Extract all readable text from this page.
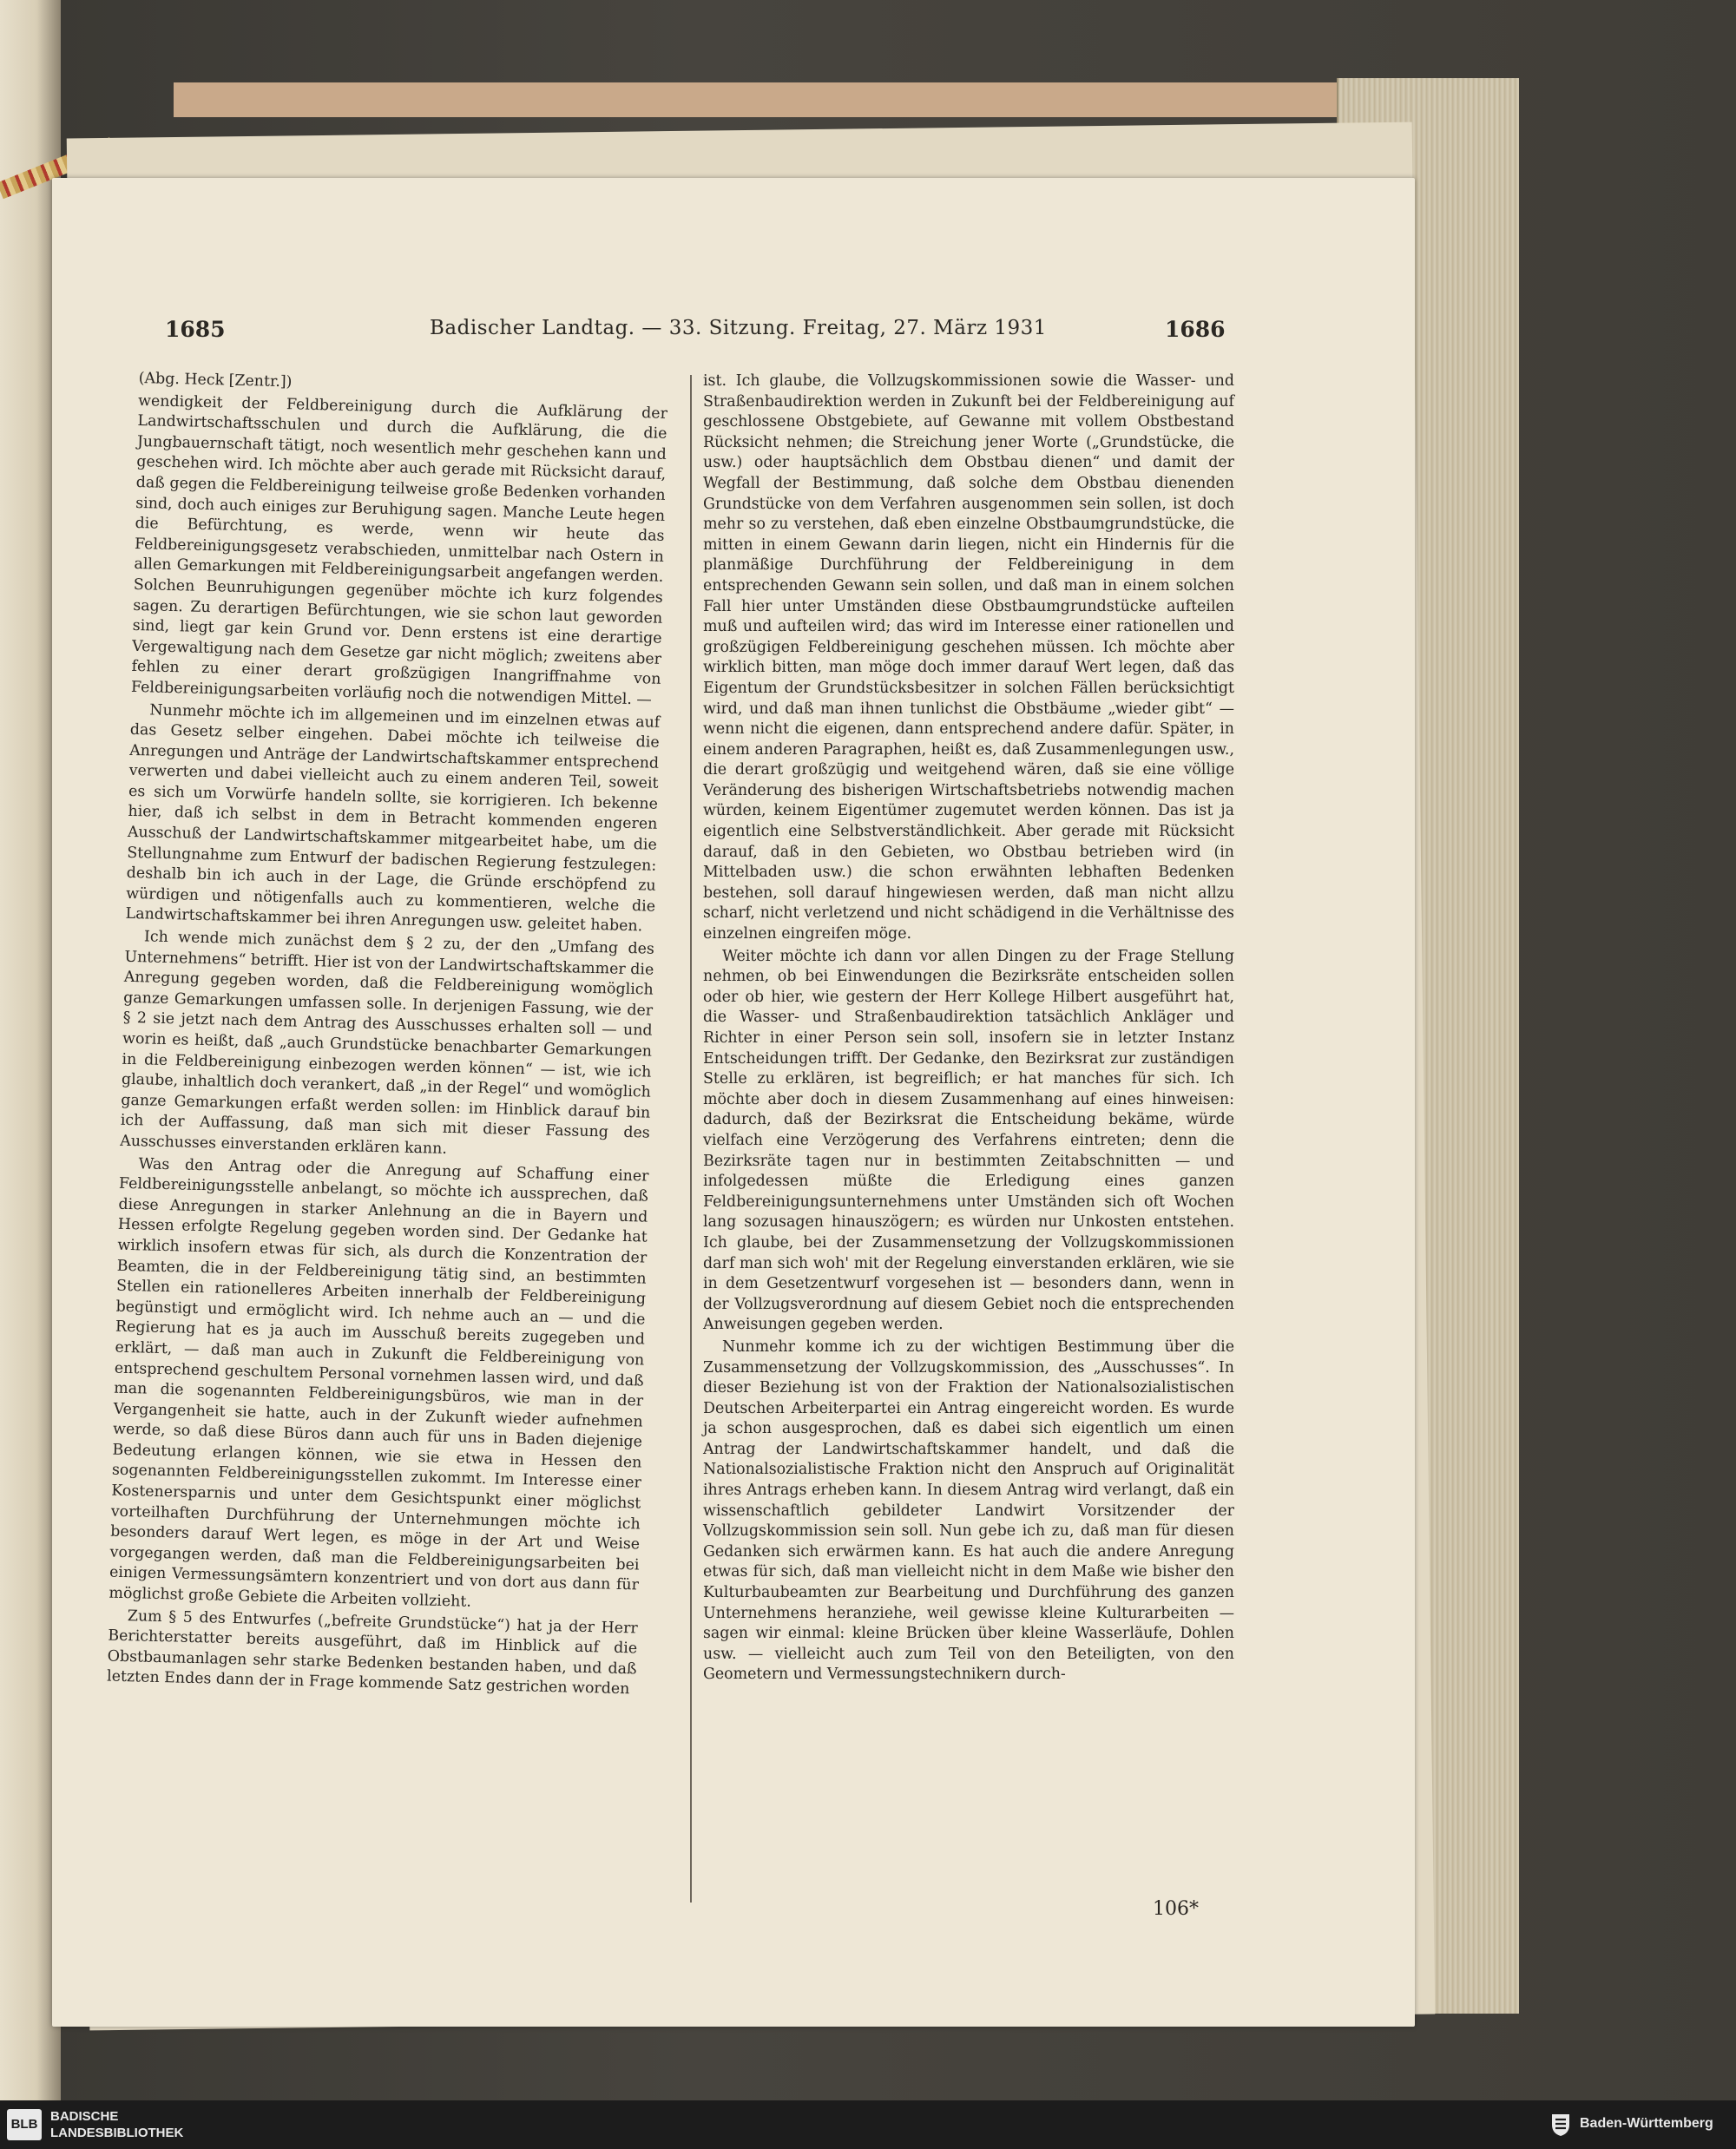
1685	Badischer Landtag. — 33. Sitzung. Freitag, 27. März 1931	1686

(Abg. Heck [Zentr.])

wendigkeit der Feldbereinigung durch die Aufklärung der Landwirtschaftsschulen und durch die Aufklärung, die die Jungbauernschaft tätigt, noch wesentlich mehr geschehen kann und geschehen wird. Ich möchte aber auch gerade mit Rücksicht darauf, daß gegen die Feldbereinigung teilweise große Bedenken vorhanden sind, doch auch einiges zur Beruhigung sagen. Manche Leute hegen die Befürchtung, es werde, wenn wir heute das Feldbereinigungsgesetz verabschieden, unmittelbar nach Ostern in allen Gemarkungen mit Feldbereinigungsarbeit angefangen werden. Solchen Beunruhigungen gegenüber möchte ich kurz folgendes sagen. Zu derartigen Befürchtungen, wie sie schon laut geworden sind, liegt gar kein Grund vor. Denn erstens ist eine derartige Vergewaltigung nach dem Gesetze gar nicht möglich; zweitens aber fehlen zu einer derart großzügigen Inangriffnahme von Feldbereinigungsarbeiten vorläufig noch die notwendigen Mittel. —

Nunmehr möchte ich im allgemeinen und im einzelnen etwas auf das Gesetz selber eingehen. Dabei möchte ich teilweise die Anregungen und Anträge der Landwirtschaftskammer entsprechend verwerten und dabei vielleicht auch zu einem anderen Teil, soweit es sich um Vorwürfe handeln sollte, sie korrigieren. Ich bekenne hier, daß ich selbst in dem in Betracht kommenden engeren Ausschuß der Landwirtschaftskammer mitgearbeitet habe, um die Stellungnahme zum Entwurf der badischen Regierung festzulegen: deshalb bin ich auch in der Lage, die Gründe erschöpfend zu würdigen und nötigenfalls auch zu kommentieren, welche die Landwirtschaftskammer bei ihren Anregungen usw. geleitet haben.

Ich wende mich zunächst dem § 2 zu, der den „Umfang des Unternehmens“ betrifft. Hier ist von der Landwirtschaftskammer die Anregung gegeben worden, daß die Feldbereinigung womöglich ganze Gemarkungen umfassen solle. In derjenigen Fassung, wie der § 2 sie jetzt nach dem Antrag des Ausschusses erhalten soll — und worin es heißt, daß „auch Grundstücke benachbarter Gemarkungen in die Feldbereinigung einbezogen werden können“ — ist, wie ich glaube, inhaltlich doch verankert, daß „in der Regel“ und womöglich ganze Gemarkungen erfaßt werden sollen: im Hinblick darauf bin ich der Auffassung, daß man sich mit dieser Fassung des Ausschusses einverstanden erklären kann.

Was den Antrag oder die Anregung auf Schaffung einer Feldbereinigungsstelle anbelangt, so möchte ich aussprechen, daß diese Anregungen in starker Anlehnung an die in Bayern und Hessen erfolgte Regelung gegeben worden sind. Der Gedanke hat wirklich insofern etwas für sich, als durch die Konzentration der Beamten, die in der Feldbereinigung tätig sind, an bestimmten Stellen ein rationelleres Arbeiten innerhalb der Feldbereinigung begünstigt und ermöglicht wird. Ich nehme auch an — und die Regierung hat es ja auch im Ausschuß bereits zugegeben und erklärt, — daß man auch in Zukunft die Feldbereinigung von entsprechend geschultem Personal vornehmen lassen wird, und daß man die sogenannten Feldbereinigungsbüros, wie man in der Vergangenheit sie hatte, auch in der Zukunft wieder aufnehmen werde, so daß diese Büros dann auch für uns in Baden diejenige Bedeutung erlangen können, wie sie etwa in Hessen den sogenannten Feldbereinigungsstellen zukommt. Im Interesse einer Kostenersparnis und unter dem Gesichtspunkt einer möglichst vorteilhaften Durchführung der Unternehmungen möchte ich besonders darauf Wert legen, es möge in der Art und Weise vorgegangen werden, daß man die Feldbereinigungsarbeiten bei einigen Vermessungsämtern konzentriert und von dort aus dann für möglichst große Gebiete die Arbeiten vollzieht.

Zum § 5 des Entwurfes („befreite Grundstücke“) hat ja der Herr Berichterstatter bereits ausgeführt, daß im Hinblick auf die Obstbaumanlagen sehr starke Bedenken bestanden haben, und daß letzten Endes dann der in Frage kommende Satz gestrichen worden

ist. Ich glaube, die Vollzugskommissionen sowie die Wasser- und Straßenbaudirektion werden in Zukunft bei der Feldbereinigung auf geschlossene Obstgebiete, auf Gewanne mit vollem Obstbestand Rücksicht nehmen; die Streichung jener Worte („Grundstücke, die usw.) oder hauptsächlich dem Obstbau dienen“ und damit der Wegfall der Bestimmung, daß solche dem Obstbau dienenden Grundstücke von dem Verfahren ausgenommen sein sollen, ist doch mehr so zu verstehen, daß eben einzelne Obstbaumgrundstücke, die mitten in einem Gewann darin liegen, nicht ein Hindernis für die planmäßige Durchführung der Feldbereinigung in dem entsprechenden Gewann sein sollen, und daß man in einem solchen Fall hier unter Umständen diese Obstbaumgrundstücke aufteilen muß und aufteilen wird; das wird im Interesse einer rationellen und großzügigen Feldbereinigung geschehen müssen. Ich möchte aber wirklich bitten, man möge doch immer darauf Wert legen, daß das Eigentum der Grundstücksbesitzer in solchen Fällen berücksichtigt wird, und daß man ihnen tunlichst die Obstbäume „wieder gibt“ — wenn nicht die eigenen, dann entsprechend andere dafür. Später, in einem anderen Paragraphen, heißt es, daß Zusammenlegungen usw., die derart großzügig und weitgehend wären, daß sie eine völlige Veränderung des bisherigen Wirtschaftsbetriebs notwendig machen würden, keinem Eigentümer zugemutet werden können. Das ist ja eigentlich eine Selbstverständlichkeit. Aber gerade mit Rücksicht darauf, daß in den Gebieten, wo Obstbau betrieben wird (in Mittelbaden usw.) die schon erwähnten lebhaften Bedenken bestehen, soll darauf hingewiesen werden, daß man nicht allzu scharf, nicht verletzend und nicht schädigend in die Verhältnisse des einzelnen eingreifen möge.

Weiter möchte ich dann vor allen Dingen zu der Frage Stellung nehmen, ob bei Einwendungen die Bezirksräte entscheiden sollen oder ob hier, wie gestern der Herr Kollege Hilbert ausgeführt hat, die Wasser- und Straßenbaudirektion tatsächlich Ankläger und Richter in einer Person sein soll, insofern sie in letzter Instanz Entscheidungen trifft. Der Gedanke, den Bezirksrat zur zuständigen Stelle zu erklären, ist begreiflich; er hat manches für sich. Ich möchte aber doch in diesem Zusammenhang auf eines hinweisen: dadurch, daß der Bezirksrat die Entscheidung bekäme, würde vielfach eine Verzögerung des Verfahrens eintreten; denn die Bezirksräte tagen nur in bestimmten Zeitabschnitten — und infolgedessen müßte die Erledigung eines ganzen Feldbereinigungsunternehmens unter Umständen sich oft Wochen lang sozusagen hinauszögern; es würden nur Unkosten entstehen. Ich glaube, bei der Zusammensetzung der Vollzugskommissionen darf man sich woh' mit der Regelung einverstanden erklären, wie sie in dem Gesetzentwurf vorgesehen ist — besonders dann, wenn in der Vollzugsverordnung auf diesem Gebiet noch die entsprechenden Anweisungen gegeben werden.

Nunmehr komme ich zu der wichtigen Bestimmung über die Zusammensetzung der Vollzugskommission, des „Ausschusses“. In dieser Beziehung ist von der Fraktion der Nationalsozialistischen Deutschen Arbeiterpartei ein Antrag eingereicht worden. Es wurde ja schon ausgesprochen, daß es dabei sich eigentlich um einen Antrag der Landwirtschaftskammer handelt, und daß die Nationalsozialistische Fraktion nicht den Anspruch auf Originalität ihres Antrags erheben kann. In diesem Antrag wird verlangt, daß ein wissenschaftlich gebildeter Landwirt Vorsitzender der Vollzugskommission sein soll. Nun gebe ich zu, daß man für diesen Gedanken sich erwärmen kann. Es hat auch die andere Anregung etwas für sich, daß man vielleicht nicht in dem Maße wie bisher den Kulturbaubeamten zur Bearbeitung und Durchführung des ganzen Unternehmens heranziehe, weil gewisse kleine Kulturarbeiten — sagen wir einmal: kleine Brücken über kleine Wasserläufe, Dohlen usw. — vielleicht auch zum Teil von den Beteiligten, von den Geometern und Vermessungstechnikern durch-

106*
BLB
BADISCHE
LANDESBIBLIOTHEK
Baden-Württemberg
